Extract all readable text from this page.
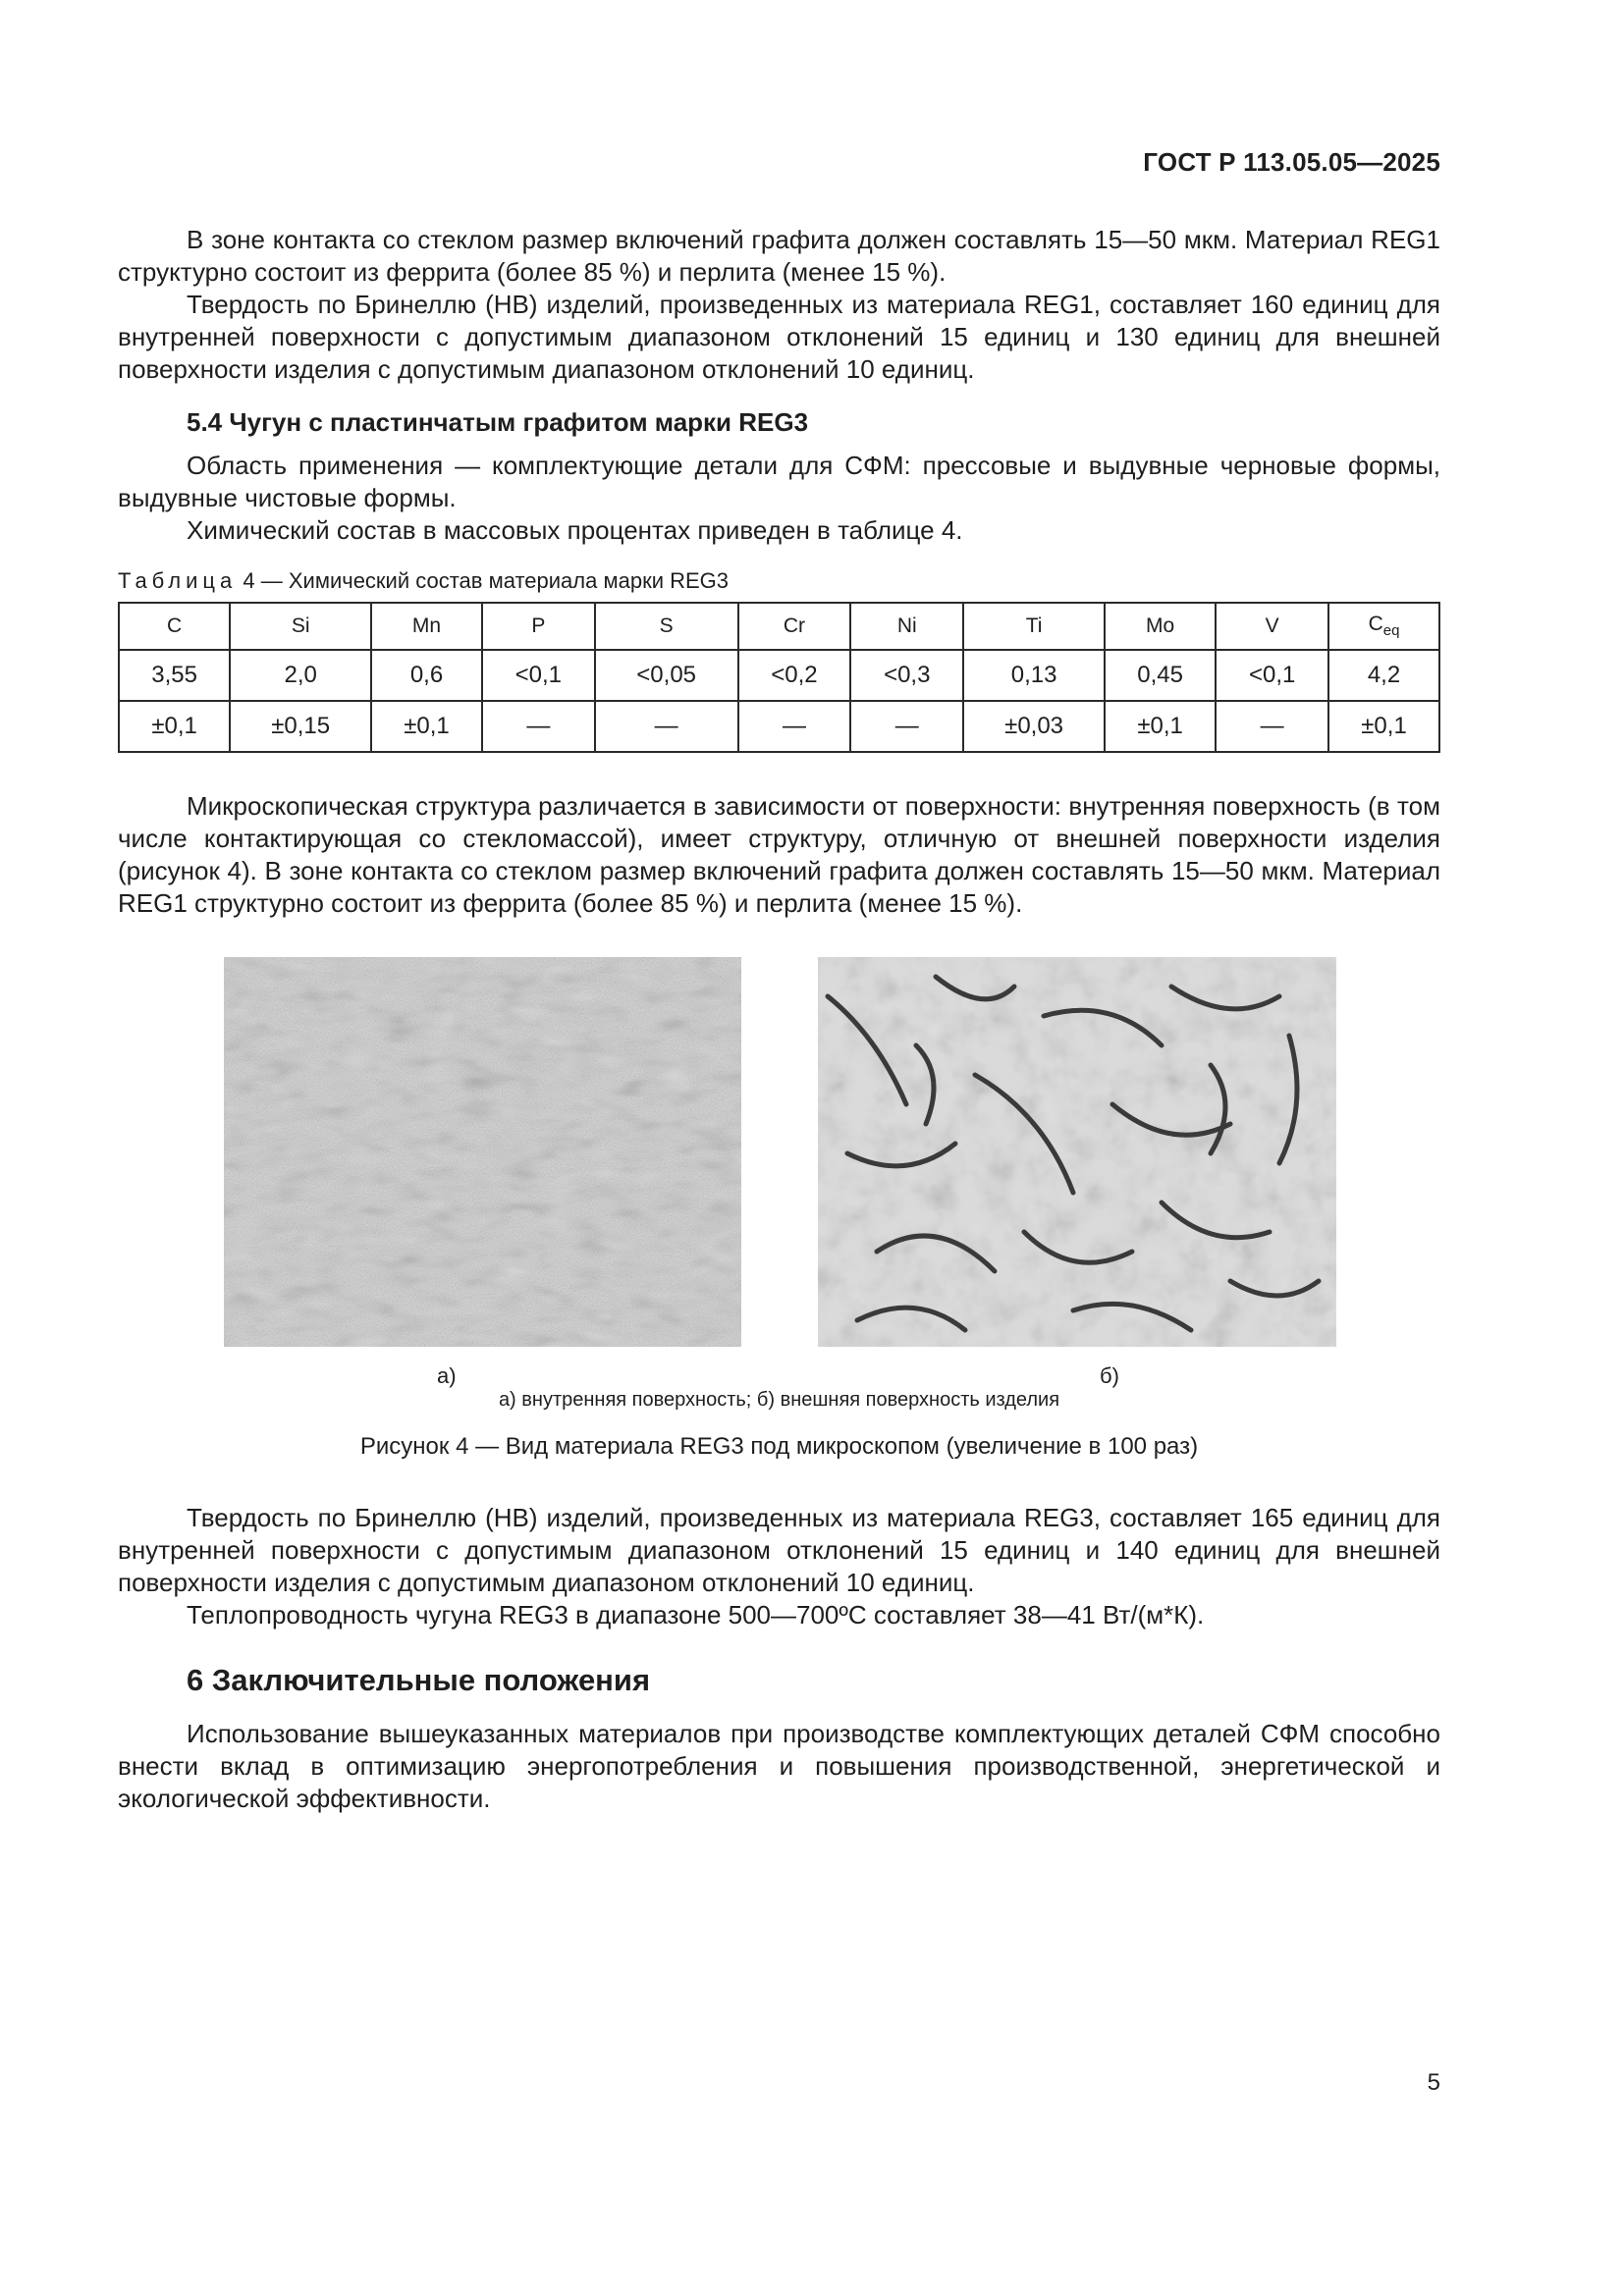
ГОСТ Р 113.05.05—2025

В зоне контакта со стеклом размер включений графита должен составлять 15—50 мкм. Материал REG1 структурно состоит из феррита (более 85 %) и перлита (менее 15 %).

Твердость по Бринеллю (HB) изделий, произведенных из материала REG1, составляет 160 единиц для внутренней поверхности с допустимым диапазоном отклонений 15 единиц и 130 единиц для внешней поверхности изделия с допустимым диапазоном отклонений 10 единиц.

5.4 Чугун с пластинчатым графитом марки REG3

Область применения — комплектующие детали для СФМ: прессовые и выдувные черновые формы, выдувные чистовые формы.

Химический состав в массовых процентах приведен в таблице 4.

Таблица 4 — Химический состав материала марки REG3
C	Si	Mn	P	S	Cr	Ni	Ti	Mo	V	$C_{eq}$
3,55	2,0	0,6	<0,1	<0,05	<0,2	<0,3	0,13	0,45	<0,1	4,2
±0,1	±0,15	±0,1	—	—	—	—	±0,03	±0,1	—	±0,1

Микроскопическая структура различается в зависимости от поверхности: внутренняя поверхность (в том числе контактирующая со стекломассой), имеет структуру, отличную от внешней поверхности изделия (рисунок 4). В зоне контакта со стеклом размер включений графита должен составлять 15—50 мкм. Материал REG1 структурно состоит из феррита (более 85 %) и перлита (менее 15 %).

а)	б)
а) внутренняя поверхность; б) внешняя поверхность изделия
Рисунок 4 — Вид материала REG3 под микроскопом (увеличение в 100 раз)

Твердость по Бринеллю (HB) изделий, произведенных из материала REG3, составляет 165 единиц для внутренней поверхности с допустимым диапазоном отклонений 15 единиц и 140 единиц для внешней поверхности изделия с допустимым диапазоном отклонений 10 единиц.

Теплопроводность чугуна REG3 в диапазоне 500—700ºС составляет 38—41 Вт/(м*К).

6 Заключительные положения

Использование вышеуказанных материалов при производстве комплектующих деталей СФМ способно внести вклад в оптимизацию энергопотребления и повышения производственной, энергетической и экологической эффективности.

5
